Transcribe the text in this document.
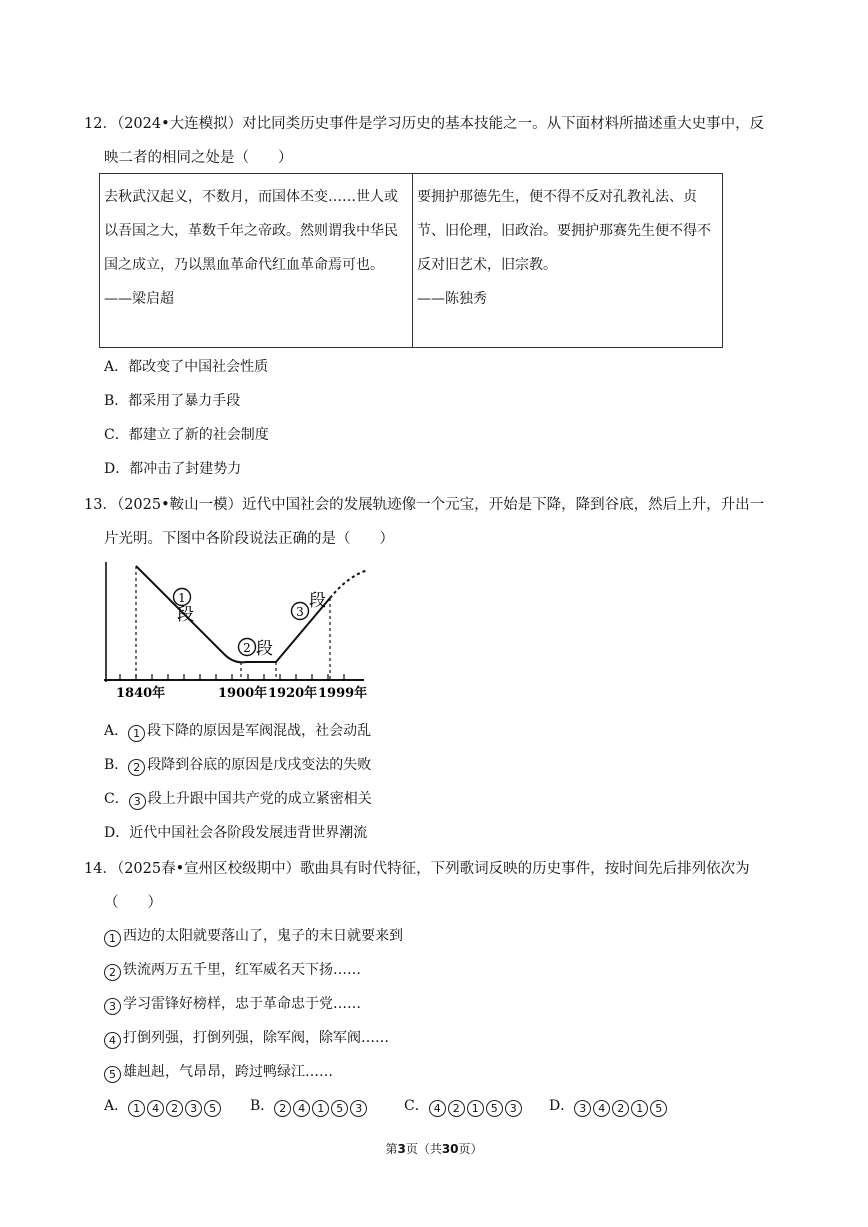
12．（2024•大连模拟）对比同类历史事件是学习历史的基本技能之一。从下面材料所描述重大史事中，反
映二者的相同之处是（　　）
去秋武汉起义，不数月，而国体丕变……世人或以吾国之大，革数千年之帝政。然则谓我中华民国之成立，乃以黑血革命代红血革命焉可也。
——梁启超

要拥护那德先生，便不得不反对孔教礼法、贞节、旧伦理，旧政治。要拥护那赛先生便不得不反对旧艺术，旧宗教。
——陈独秀
A．都改变了中国社会性质
B．都采用了暴力手段
C．都建立了新的社会制度
D．都冲击了封建势力
13．（2025•鞍山一模）近代中国社会的发展轨迹像一个元宝，开始是下降，降到谷底，然后上升，升出一
片光明。下图中各阶段说法正确的是（　　）
1
段
2 段
3
段
1840年	1900年 1920年 1999年
A． 1 段下降的原因是军阀混战，社会动乱
B． 2 段降到谷底的原因是戊戌变法的失败
C． 3 段上升跟中国共产党的成立紧密相关
D．近代中国社会各阶段发展违背世界潮流
14．（2025春•宣州区校级期中）歌曲具有时代特征，下列歌词反映的历史事件，按时间先后排列依次为
（　　）
1 西边的太阳就要落山了，鬼子的末日就要来到
2 铁流两万五千里，红军威名天下扬……
3 学习雷锋好榜样，忠于革命忠于党……
4 打倒列强，打倒列强，除军阀，除军阀……
5 雄赳赳，气昂昂，跨过鸭绿江……
A． 1 4 2 3 5	B． 2 4 1 5 3	C． 4 2 1 5 3	D． 3 4 2 1 5
第3页（共30页）
